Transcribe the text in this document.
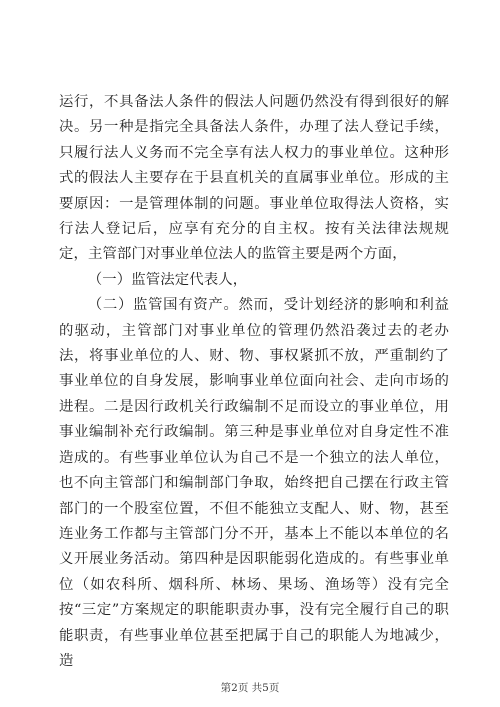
运行，不具备法人条件的假法人问题仍然没有得到很好的解决。另一种是指完全具备法人条件，办理了法人登记手续，只履行法人义务而不完全享有法人权力的事业单位。这种形式的假法人主要存在于县直机关的直属事业单位。形成的主要原因：一是管理体制的问题。事业单位取得法人资格，实行法人登记后，应享有充分的自主权。按有关法律法规规定，主管部门对事业单位法人的监管主要是两个方面，

（一）监管法定代表人，

（二）监管国有资产。然而，受计划经济的影响和利益的驱动，主管部门对事业单位的管理仍然沿袭过去的老办法，将事业单位的人、财、物、事权紧抓不放，严重制约了事业单位的自身发展，影响事业单位面向社会、走向市场的进程。二是因行政机关行政编制不足而设立的事业单位，用事业编制补充行政编制。第三种是事业单位对自身定性不准造成的。有些事业单位认为自己不是一个独立的法人单位，也不向主管部门和编制部门争取，始终把自己摆在行政主管部门的一个股室位置，不但不能独立支配人、财、物，甚至连业务工作都与主管部门分不开，基本上不能以本单位的名义开展业务活动。第四种是因职能弱化造成的。有些事业单位（如农科所、烟科所、林场、果场、渔场等）没有完全按“三定”方案规定的职能职责办事，没有完全履行自己的职能职责，有些事业单位甚至把属于自己的职能人为地减少，造

第2页 共5页
